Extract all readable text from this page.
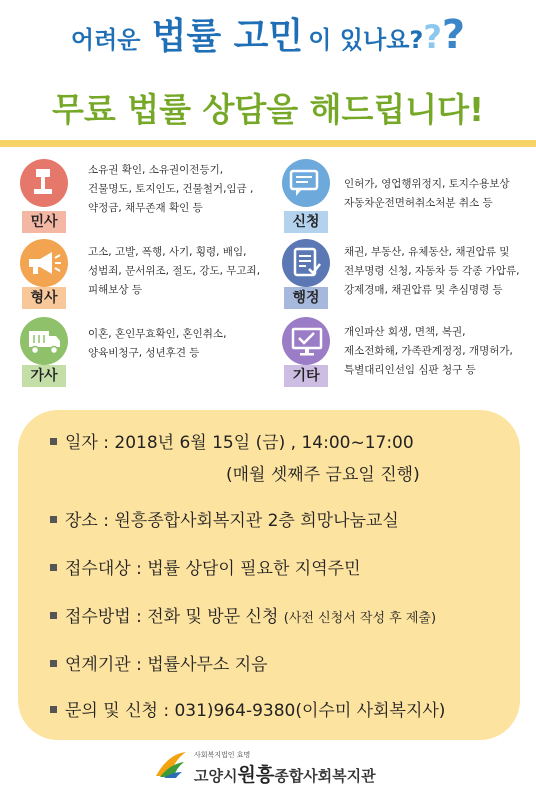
어려운 법률 고민 이 있나요???
무료 법률 상담을 해드립니다!
민사
소유권 확인, 소유권이전등기,
건물명도, 토지인도, 건물철거,임금 ,
약정금, 채무존재 확인 등
형사
고소, 고발, 폭행, 사기, 횡령, 배임,
성범죄, 문서위조, 절도, 강도, 무고죄,
피해보상 등
가사
이혼, 혼인무효확인, 혼인취소,
양육비청구, 성년후견 등
신청
인허가, 영업행위정지, 토지수용보상
자동차운전면허취소처분 취소 등
행정
채권, 부동산, 유체동산, 채권압류 및
전부명령 신청, 자동차 등 각종 가압류,
강제경매, 채권압류 및 추심명령 등
기타
개인파산 회생, 면책, 복권,
제소전화해, 가족관계정정, 개명허가,
특별대리인선임 심판 청구 등
일자 : 2018년 6월 15일 (금) , 14:00~17:00
(매월 셋째주 금요일 진행)
장소 : 원흥종합사회복지관 2층 희망나눔교실
접수대상 : 법률 상담이 필요한 지역주민
접수방법 : 전화 및 방문 신청 (사전 신청서 작성 후 제출)
연계기관 : 법률사무소 지음
문의 및 신청 : 031)964-9380(이수미 사회복지사)
사회복지법인 효명
고양시원흥종합사회복지관
